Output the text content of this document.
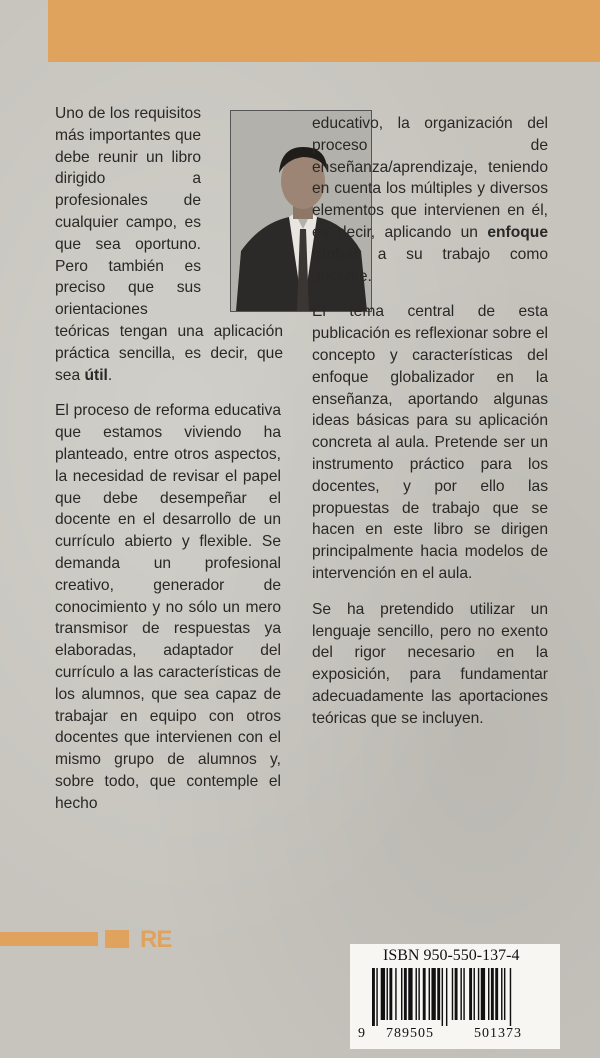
Uno de los requisitos más importantes que debe reunir un libro dirigido a profesionales de cualquier campo, es que sea oportuno. Pero también es preciso que sus orientaciones teóricas tengan una aplicación práctica sencilla, es decir, que sea útil.

El proceso de reforma educativa que estamos viviendo ha planteado, entre otros aspectos, la necesidad de revisar el papel que debe desempeñar el docente en el desarrollo de un currículo abierto y flexible. Se demanda un profesional creativo, generador de conocimiento y no sólo un mero transmisor de respuestas ya elaboradas, adaptador del currículo a las características de los alumnos, que sea capaz de trabajar en equipo con otros docentes que intervienen con el mismo grupo de alumnos y, sobre todo, que contemple el hecho

educativo, la organización del proceso de enseñanza/aprendizaje, teniendo en cuenta los múltiples y diversos elementos que intervienen en él, es decir, aplicando un enfoque global a su trabajo como docente.

El tema central de esta publicación es reflexionar sobre el concepto y características del enfoque globalizador en la enseñanza, aportando algunas ideas básicas para su aplicación concreta al aula. Pretende ser un instrumento práctico para los docentes, y por ello las propuestas de trabajo que se hacen en este libro se dirigen principalmente hacia modelos de intervención en el aula.

Se ha pretendido utilizar un lenguaje sencillo, pero no exento del rigor necesario en la exposición, para fundamentar adecuadamente las aportaciones teóricas que se incluyen.

RE
ISBN 950-550-137-4
9 789505	501373
